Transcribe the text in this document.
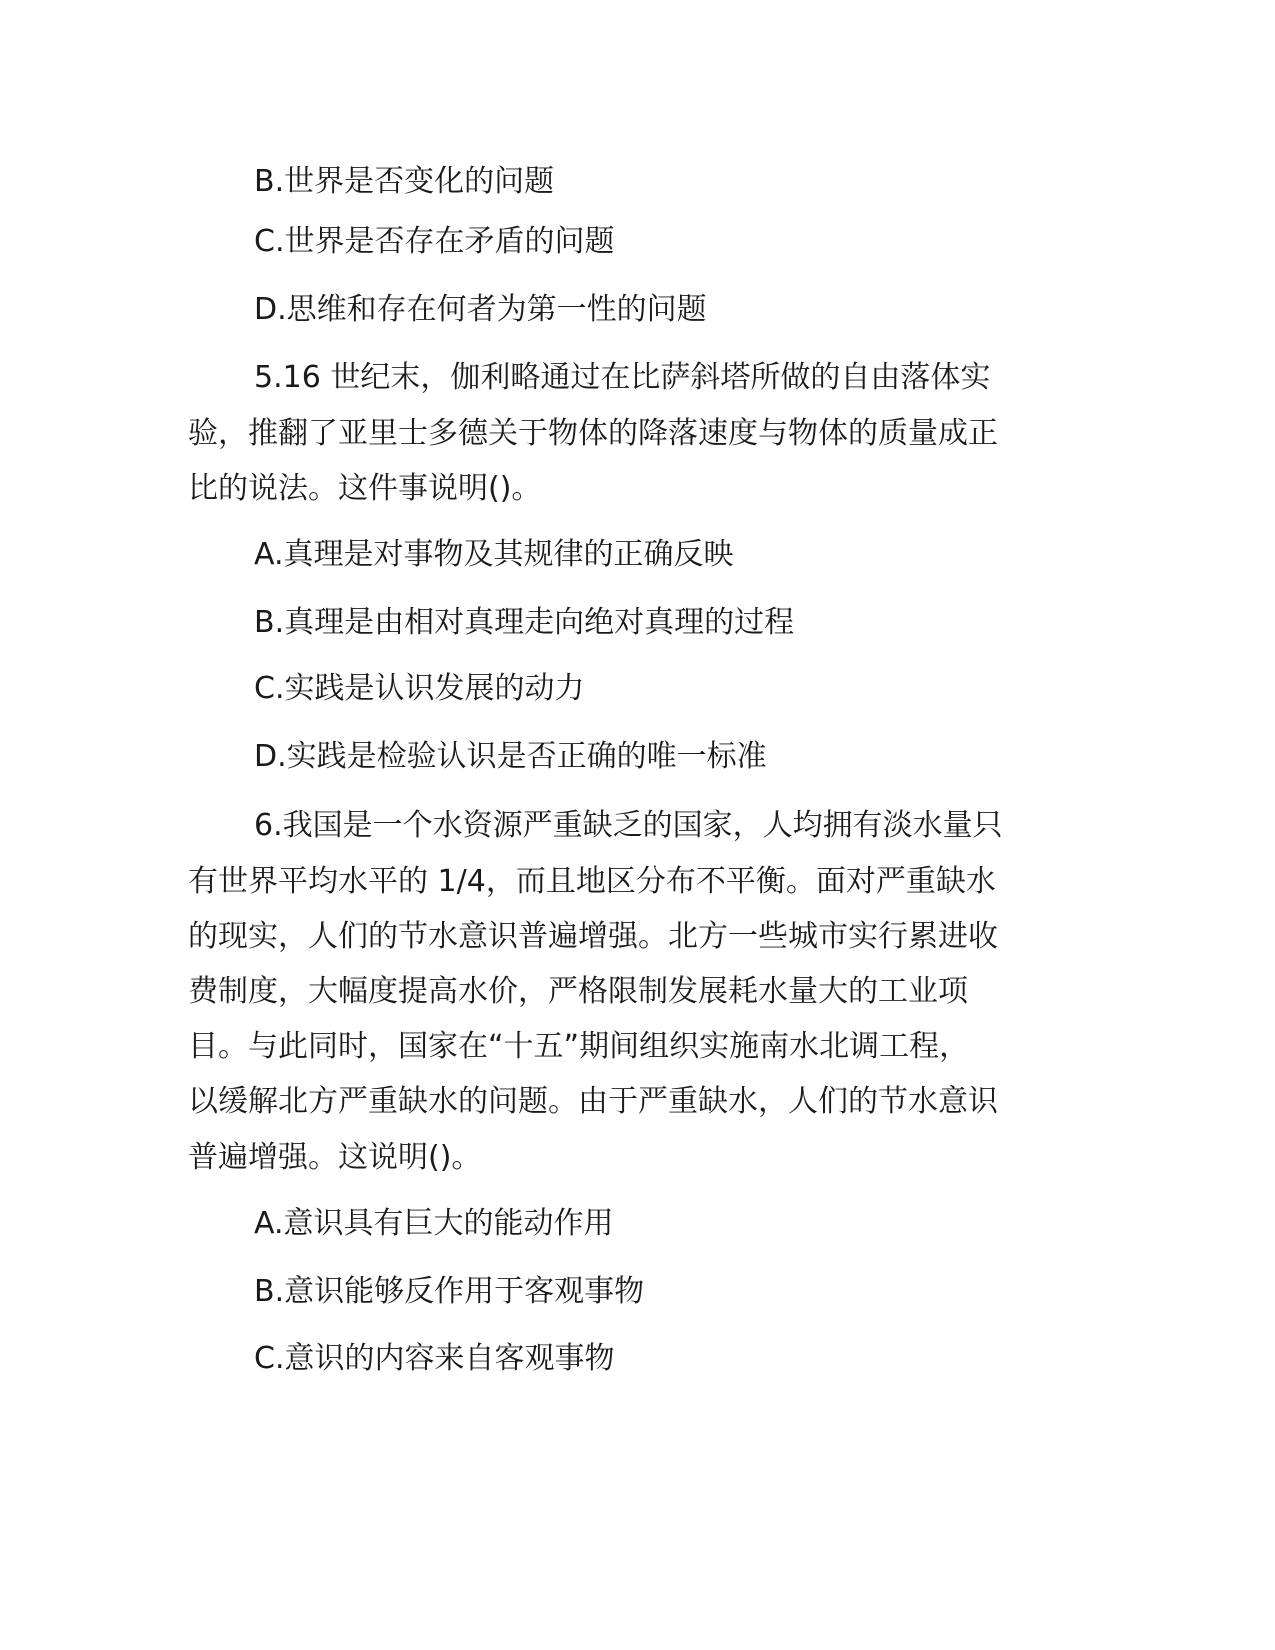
B.世界是否变化的问题
C.世界是否存在矛盾的问题
D.思维和存在何者为第一性的问题
5.16 世纪末，伽利略通过在比萨斜塔所做的自由落体实
验，推翻了亚里士多德关于物体的降落速度与物体的质量成正
比的说法。这件事说明()。
A.真理是对事物及其规律的正确反映
B.真理是由相对真理走向绝对真理的过程
C.实践是认识发展的动力
D.实践是检验认识是否正确的唯一标准
6.我国是一个水资源严重缺乏的国家，人均拥有淡水量只
有世界平均水平的 1/4，而且地区分布不平衡。面对严重缺水
的现实，人们的节水意识普遍增强。北方一些城市实行累进收
费制度，大幅度提高水价，严格限制发展耗水量大的工业项
目。与此同时，国家在“十五”期间组织实施南水北调工程，
以缓解北方严重缺水的问题。由于严重缺水，人们的节水意识
普遍增强。这说明()。
A.意识具有巨大的能动作用
B.意识能够反作用于客观事物
C.意识的内容来自客观事物
